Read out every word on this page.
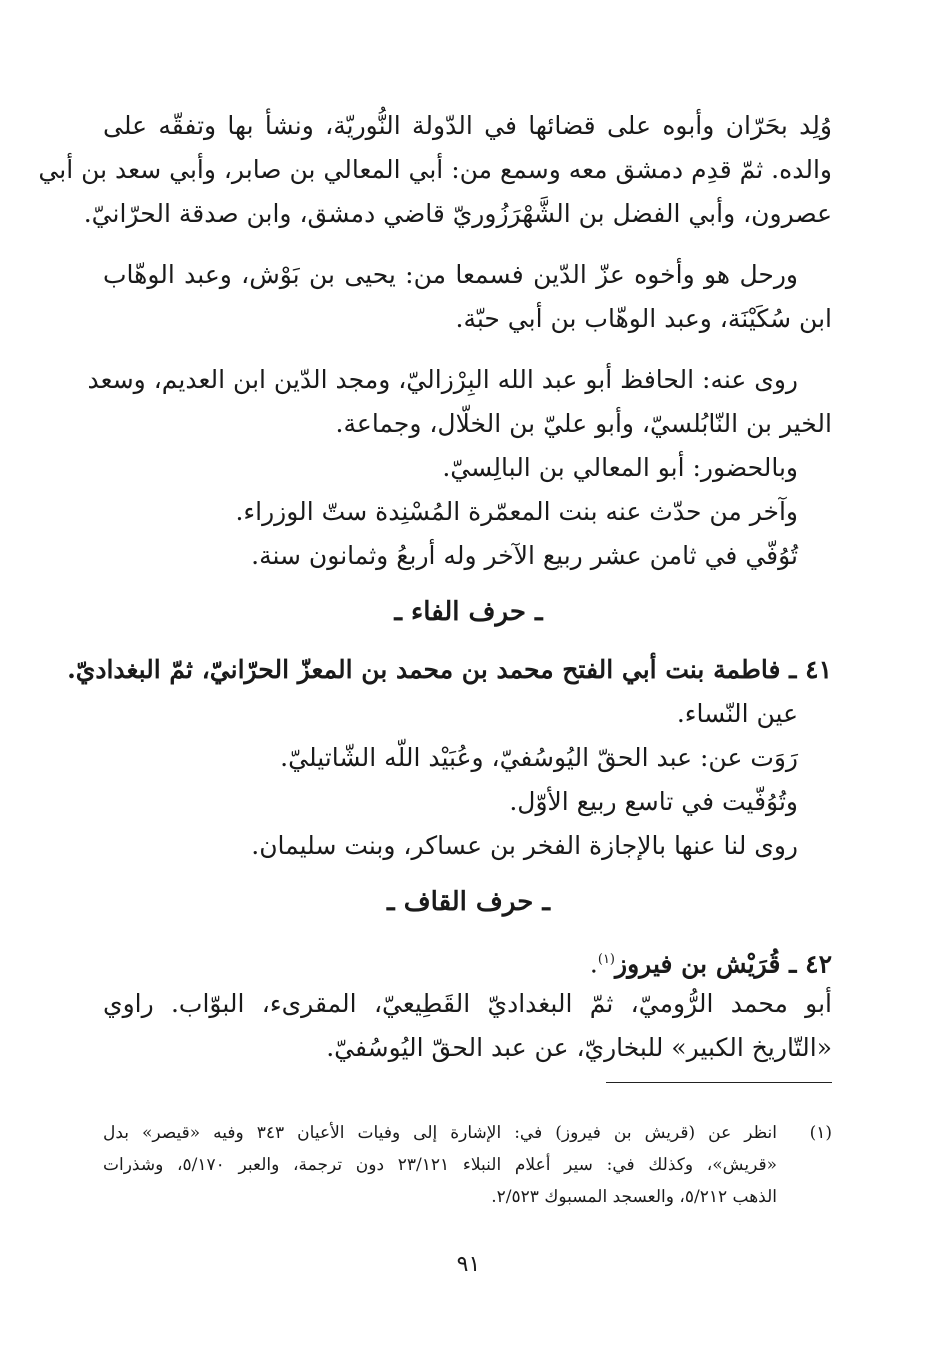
وُلِد بحَرّان وأبوه على قضائها في الدّولة النُّوريّة، ونشأ بها وتفقّه على
والده. ثمّ قدِم دمشق معه وسمع من: أبي المعالي بن صابر، وأبي سعد بن أبي
عصرون، وأبي الفضل بن الشَّهْرَزُوريّ قاضي دمشق، وابن صدقة الحرّانيّ.
ورحل هو وأخوه عزّ الدّين فسمعا من: يحيى بن بَوْش، وعبد الوهّاب
ابن سُكَيْنَة، وعبد الوهّاب بن أبي حبّة.
روى عنه: الحافظ أبو عبد الله البِرْزاليّ، ومجد الدّين ابن العديم، وسعد
الخير بن النّابُلسيّ، وأبو عليّ بن الخلّال، وجماعة.
وبالحضور: أبو المعالي بن البالِسيّ.
وآخر من حدّث عنه بنت المعمّرة المُسْنِدة ستّ الوزراء.
تُوُفّي في ثامن عشر ربيع الآخر وله أربعُ وثمانون سنة.
ـ حرف الفاء ـ
٤١ ـ فاطمة بنت أبي الفتح محمد بن محمد بن المعزّ الحرّانيّ، ثمّ البغداديّ.
عين النّساء.
رَوَت عن: عبد الحقّ اليُوسُفيّ، وعُبَيْد اللّه الشّاتيليّ.
وتُوُفّيت في تاسع ربيع الأوّل.
روى لنا عنها بالإجازة الفخر بن عساكر، وبنت سليمان.
ـ حرف القاف ـ
٤٢ ـ قُرَيْش بن فيروز$^{(١)}$.
أبو محمد الرُّوميّ، ثمّ البغداديّ القَطِيعيّ، المقرىء، البوّاب. راوي
«التّاريخ الكبير» للبخاريّ، عن عبد الحقّ اليُوسُفيّ.
(١)
انظر عن (قريش بن فيروز) في: الإشارة إلى وفيات الأعيان ٣٤٣ وفيه «قيصر» بدل
«قريش»، وكذلك في: سير أعلام النبلاء ٢٣/١٢١ دون ترجمة، والعبر ٥/١٧٠، وشذرات
الذهب ٥/٢١٢، والعسجد المسبوك ٢/٥٢٣.
٩١
